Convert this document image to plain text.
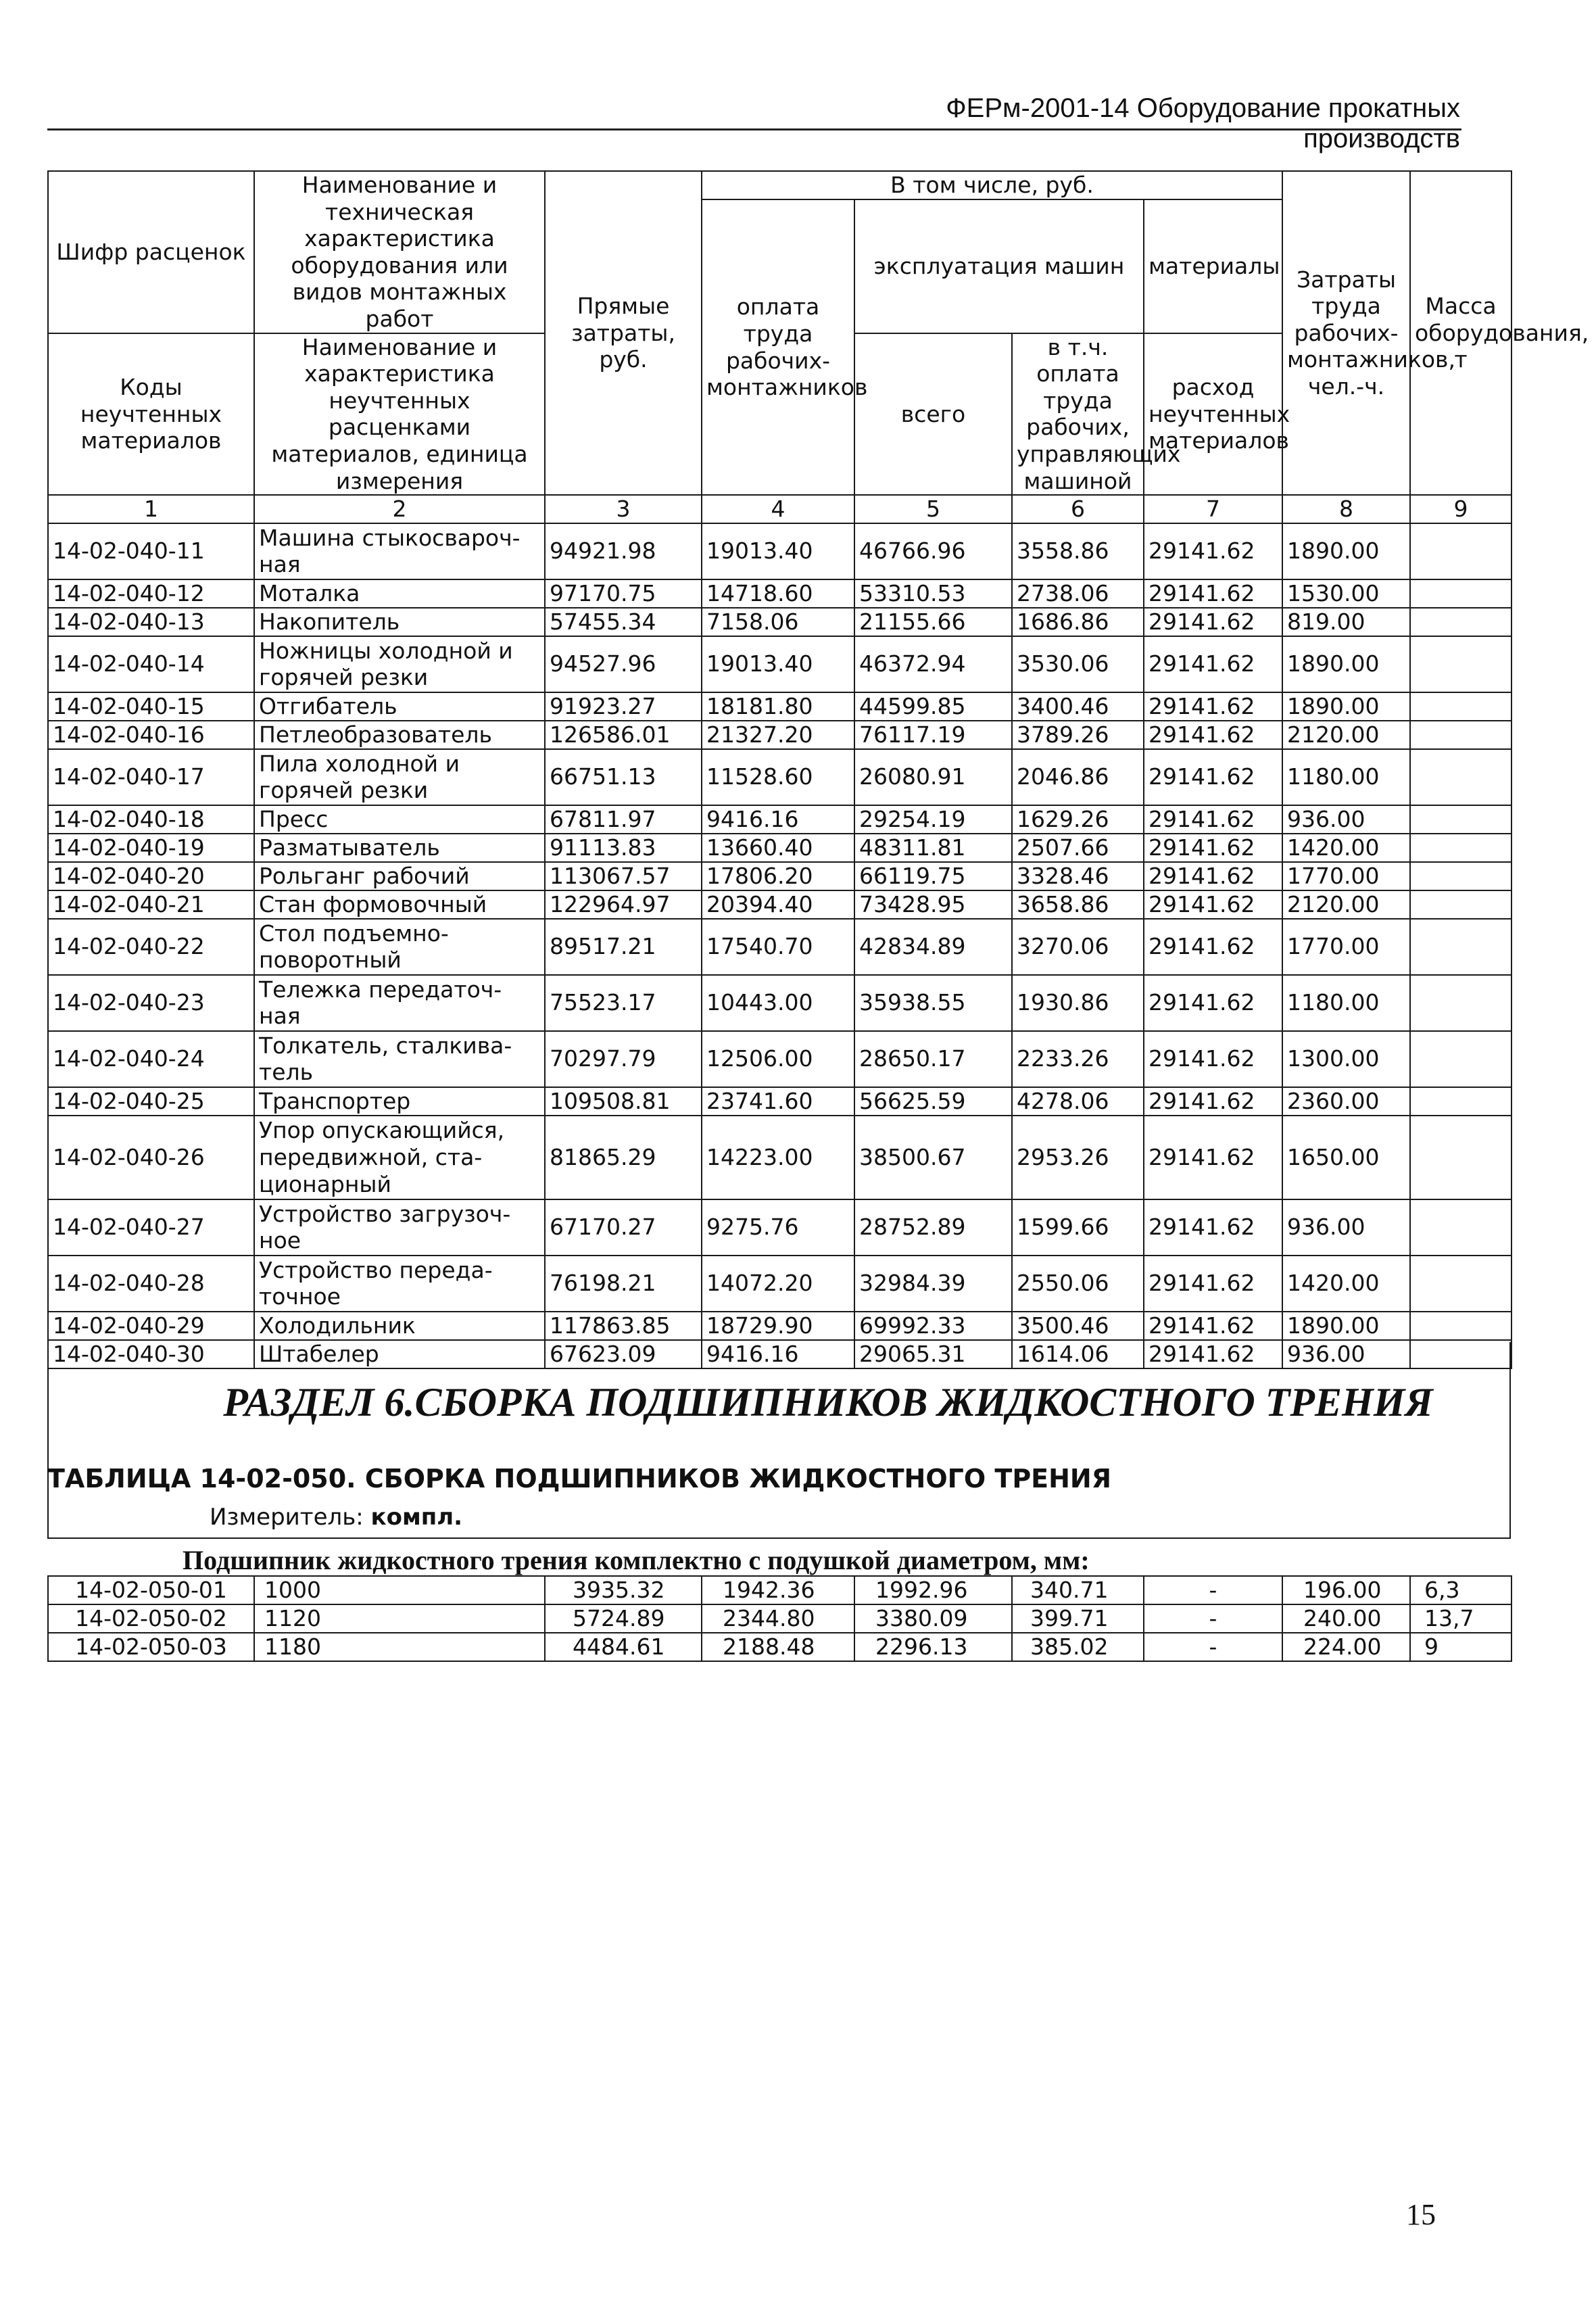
ФЕРм-2001-14 Оборудование прокатных производств
Шифр расценок	Наименование и техническая характеристика оборудования или видов монтажных работ	Прямые затраты, руб.	В том числе, руб.				Затраты труда рабочих-монтажников, чел.-ч.	Масса оборудования, т	
			оплата труда рабочих-монтажников	эксплуатация машин		материалы			
Коды неучтенных материалов	Наименование и характеристика неучтенных расценками материалов, единица измерения			всего	в т.ч. оплата труда рабочих, управляющих машиной	расход неучтенных материалов			

1	2	3	4	5	6	7	8	9	
14-02-040-11	Машина стыкосвароч-ная	94921.98	19013.40	46766.96	3558.86	29141.62	1890.00		
14-02-040-12	Моталка	97170.75	14718.60	53310.53	2738.06	29141.62	1530.00		
14-02-040-13	Накопитель	57455.34	7158.06	21155.66	1686.86	29141.62	819.00		
14-02-040-14	Ножницы холодной и горячей резки	94527.96	19013.40	46372.94	3530.06	29141.62	1890.00		
14-02-040-15	Отгибатель	91923.27	18181.80	44599.85	3400.46	29141.62	1890.00		
14-02-040-16	Петлеобразователь	126586.01	21327.20	76117.19	3789.26	29141.62	2120.00		
14-02-040-17	Пила холодной и горячей резки	66751.13	11528.60	26080.91	2046.86	29141.62	1180.00		
14-02-040-18	Пресс	67811.97	9416.16	29254.19	1629.26	29141.62	936.00		
14-02-040-19	Разматыватель	91113.83	13660.40	48311.81	2507.66	29141.62	1420.00		
14-02-040-20	Рольганг рабочий	113067.57	17806.20	66119.75	3328.46	29141.62	1770.00		
14-02-040-21	Стан формовочный	122964.97	20394.40	73428.95	3658.86	29141.62	2120.00		
14-02-040-22	Стол подъемно-поворотный	89517.21	17540.70	42834.89	3270.06	29141.62	1770.00		
14-02-040-23	Тележка передаточ-ная	75523.17	10443.00	35938.55	1930.86	29141.62	1180.00		
14-02-040-24	Толкатель, сталкива-тель	70297.79	12506.00	28650.17	2233.26	29141.62	1300.00		
14-02-040-25	Транспортер	109508.81	23741.60	56625.59	4278.06	29141.62	2360.00		
14-02-040-26	Упор опускающийся, передвижной, ста-ционарный	81865.29	14223.00	38500.67	2953.26	29141.62	1650.00		
14-02-040-27	Устройство загрузоч-ное	67170.27	9275.76	28752.89	1599.66	29141.62	936.00		
14-02-040-28	Устройство переда-точное	76198.21	14072.20	32984.39	2550.06	29141.62	1420.00		
14-02-040-29	Холодильник	117863.85	18729.90	69992.33	3500.46	29141.62	1890.00		
14-02-040-30	Штабелер	67623.09	9416.16	29065.31	1614.06	29141.62	936.00		
РАЗДЕЛ 6.СБОРКА ПОДШИПНИКОВ ЖИДКОСТНОГО ТРЕНИЯ
ТАБЛИЦА 14-02-050. СБОРКА ПОДШИПНИКОВ ЖИДКОСТНОГО ТРЕНИЯ
Измеритель: компл.
Подшипник жидкостного трения комплектно с подушкой диаметром, мм:
14-02-050-01	1000	3935.32	1942.36	1992.96	340.71	-	196.00	6,3
14-02-050-02	1120	5724.89	2344.80	3380.09	399.71	-	240.00	13,7
14-02-050-03	1180	4484.61	2188.48	2296.13	385.02	-	224.00	9
15
